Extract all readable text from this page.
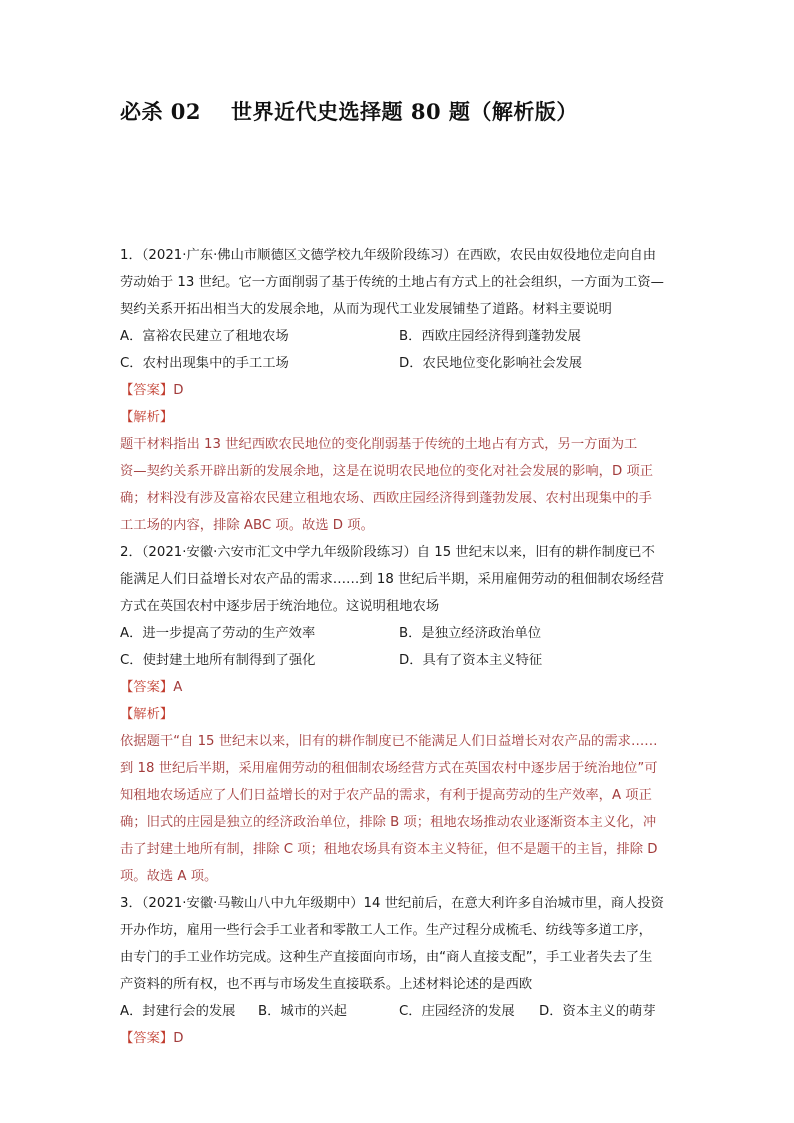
必杀 02 世界近代史选择题 80 题（解析版）
1．（2021·广东·佛山市顺德区文德学校九年级阶段练习）在西欧，农民由奴役地位走向自由
劳动始于 13 世纪。它一方面削弱了基于传统的土地占有方式上的社会组织，一方面为工资—
契约关系开拓出相当大的发展余地，从而为现代工业发展铺垫了道路。材料主要说明
A．富裕农民建立了租地农场	B．西欧庄园经济得到蓬勃发展
C．农村出现集中的手工工场	D．农民地位变化影响社会发展
【答案】D
【解析】
题干材料指出 13 世纪西欧农民地位的变化削弱基于传统的土地占有方式，另一方面为工
资—契约关系开辟出新的发展余地，这是在说明农民地位的变化对社会发展的影响，D 项正
确；材料没有涉及富裕农民建立租地农场、西欧庄园经济得到蓬勃发展、农村出现集中的手
工工场的内容，排除 ABC 项。故选 D 项。
2．（2021·安徽·六安市汇文中学九年级阶段练习）自 15 世纪末以来，旧有的耕作制度已不
能满足人们日益增长对农产品的需求……到 18 世纪后半期，采用雇佣劳动的租佃制农场经营
方式在英国农村中逐步居于统治地位。这说明租地农场
A．进一步提高了劳动的生产效率	B．是独立经济政治单位
C．使封建土地所有制得到了强化	D．具有了资本主义特征
【答案】A
【解析】
依据题干“自 15 世纪末以来，旧有的耕作制度已不能满足人们日益增长对农产品的需求……
到 18 世纪后半期，采用雇佣劳动的租佃制农场经营方式在英国农村中逐步居于统治地位”可
知租地农场适应了人们日益增长的对于农产品的需求，有利于提高劳动的生产效率，A 项正
确；旧式的庄园是独立的经济政治单位，排除 B 项；租地农场推动农业逐渐资本主义化，冲
击了封建土地所有制，排除 C 项；租地农场具有资本主义特征，但不是题干的主旨，排除 D
项。故选 A 项。
3．（2021·安徽·马鞍山八中九年级期中）14 世纪前后，在意大利许多自治城市里，商人投资
开办作坊，雇用一些行会手工业者和零散工人工作。生产过程分成梳毛、纺线等多道工序，
由专门的手工业作坊完成。这种生产直接面向市场，由“商人直接支配”，手工业者失去了生
产资料的所有权，也不再与市场发生直接联系。上述材料论述的是西欧
A．封建行会的发展	B．城市的兴起	C．庄园经济的发展	D．资本主义的萌芽
【答案】D
